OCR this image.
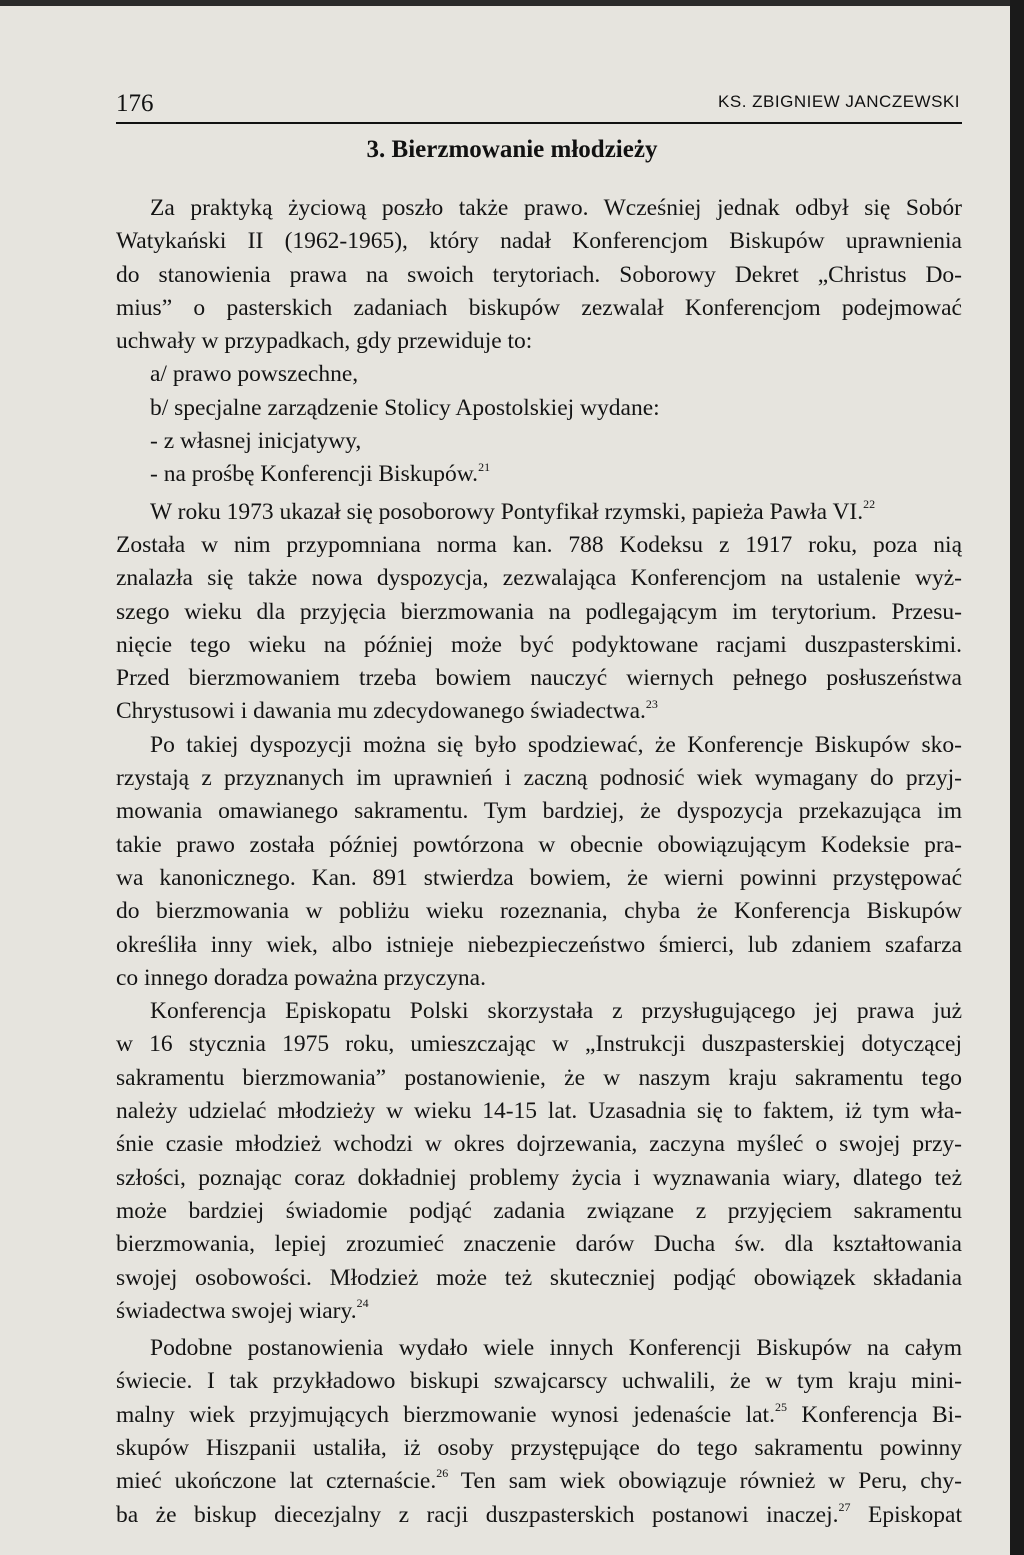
176	KS. ZBIGNIEW JANCZEWSKI
3. Bierzmowanie młodzieży
Za praktyką życiową poszło także prawo. Wcześniej jednak odbył się Sobór
Watykański II (1962-1965), który nadał Konferencjom Biskupów uprawnienia
do stanowienia prawa na swoich terytoriach. Soborowy Dekret „Christus Do-
mius” o pasterskich zadaniach biskupów zezwalał Konferencjom podejmować
uchwały w przypadkach, gdy przewiduje to:
a/ prawo powszechne,
b/ specjalne zarządzenie Stolicy Apostolskiej wydane:
- z własnej inicjatywy,
- na prośbę Konferencji Biskupów.$^{21}$
W roku 1973 ukazał się posoborowy Pontyfikał rzymski, papieża Pawła VI.$^{22}$
Została w nim przypomniana norma kan. 788 Kodeksu z 1917 roku, poza nią
znalazła się także nowa dyspozycja, zezwalająca Konferencjom na ustalenie wyż-
szego wieku dla przyjęcia bierzmowania na podlegającym im terytorium. Przesu-
nięcie tego wieku na później może być podyktowane racjami duszpasterskimi.
Przed bierzmowaniem trzeba bowiem nauczyć wiernych pełnego posłuszeństwa
Chrystusowi i dawania mu zdecydowanego świadectwa.$^{23}$
Po takiej dyspozycji można się było spodziewać, że Konferencje Biskupów sko-
rzystają z przyznanych im uprawnień i zaczną podnosić wiek wymagany do przyj-
mowania omawianego sakramentu. Tym bardziej, że dyspozycja przekazująca im
takie prawo została później powtórzona w obecnie obowiązującym Kodeksie pra-
wa kanonicznego. Kan. 891 stwierdza bowiem, że wierni powinni przystępować
do bierzmowania w pobliżu wieku rozeznania, chyba że Konferencja Biskupów
określiła inny wiek, albo istnieje niebezpieczeństwo śmierci, lub zdaniem szafarza
co innego doradza poważna przyczyna.
Konferencja Episkopatu Polski skorzystała z przysługującego jej prawa już
w 16 stycznia 1975 roku, umieszczając w „Instrukcji duszpasterskiej dotyczącej
sakramentu bierzmowania” postanowienie, że w naszym kraju sakramentu tego
należy udzielać młodzieży w wieku 14-15 lat. Uzasadnia się to faktem, iż tym wła-
śnie czasie młodzież wchodzi w okres dojrzewania, zaczyna myśleć o swojej przy-
szłości, poznając coraz dokładniej problemy życia i wyznawania wiary, dlatego też
może bardziej świadomie podjąć zadania związane z przyjęciem sakramentu
bierzmowania, lepiej zrozumieć znaczenie darów Ducha św. dla kształtowania
swojej osobowości. Młodzież może też skuteczniej podjąć obowiązek składania
świadectwa swojej wiary.$^{24}$
Podobne postanowienia wydało wiele innych Konferencji Biskupów na całym
świecie. I tak przykładowo biskupi szwajcarscy uchwalili, że w tym kraju mini-
malny wiek przyjmujących bierzmowanie wynosi jedenaście lat.$^{25}$ Konferencja Bi-
skupów Hiszpanii ustaliła, iż osoby przystępujące do tego sakramentu powinny
mieć ukończone lat czternaście.$^{26}$ Ten sam wiek obowiązuje również w Peru, chy-
ba że biskup diecezjalny z racji duszpasterskich postanowi inaczej.$^{27}$ Episkopat
